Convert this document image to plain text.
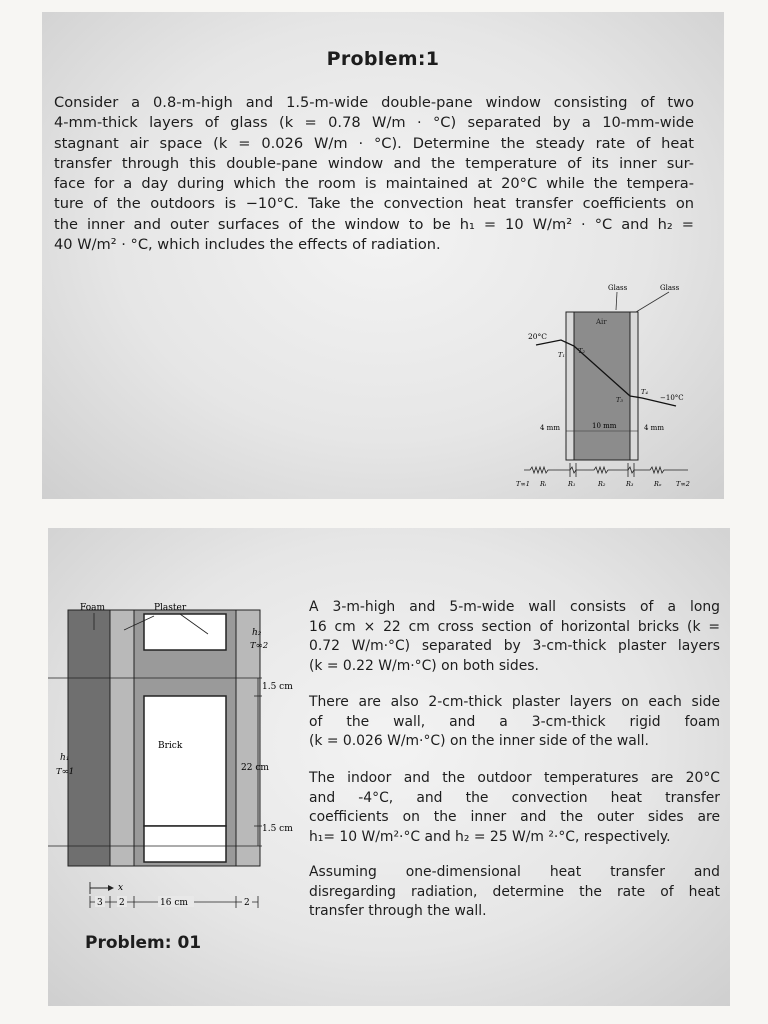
Problem:1
Consider a 0.8-m-high and 1.5-m-wide double-pane window consisting of two
4-mm-thick layers of glass (k = 0.78 W/m · °C) separated by a 10-mm-wide
stagnant air space (k = 0.026 W/m · °C). Determine the steady rate of heat
transfer through this double-pane window and the temperature of its inner sur-
face for a day during which the room is maintained at 20°C while the tempera-
ture of the outdoors is −10°C. Take the convection heat transfer coefficients on
the inner and outer surfaces of the window to be h₁ = 10 W/m² · °C and h₂ =
40 W/m² · °C, which includes the effects of radiation.
Glass	Glass
Air
20°C
T₁ T₂
T₃
T₄
−10°C
4 mm	10 mm	4 mm
T∞1 Rᵢ	R₁	R₂	R₃	Rₒ T∞2
1.5 cm
22 cm
1.5 cm
Foam	Plaster
Brick
h₂
T∞2
h₁
T∞1
x
3 2	16 cm	2
A 3-m-high and 5-m-wide wall consists of a long
16 cm × 22 cm cross section of horizontal bricks (k =
0.72 W/m·°C) separated by 3-cm-thick plaster layers
(k = 0.22 W/m·°C) on both sides.
There are also 2-cm-thick plaster layers on each side
of the wall, and a 3-cm-thick rigid foam
(k = 0.026 W/m·°C) on the inner side of the wall.
The indoor and the outdoor temperatures are 20°C
and -4°C, and the convection heat transfer
coefficients on the inner and the outer sides are
h₁= 10 W/m²·°C and h₂ = 25 W/m ²·°C, respectively.
Assuming one-dimensional heat transfer and
disregarding radiation, determine the rate of heat
transfer through the wall.
Problem: 01
